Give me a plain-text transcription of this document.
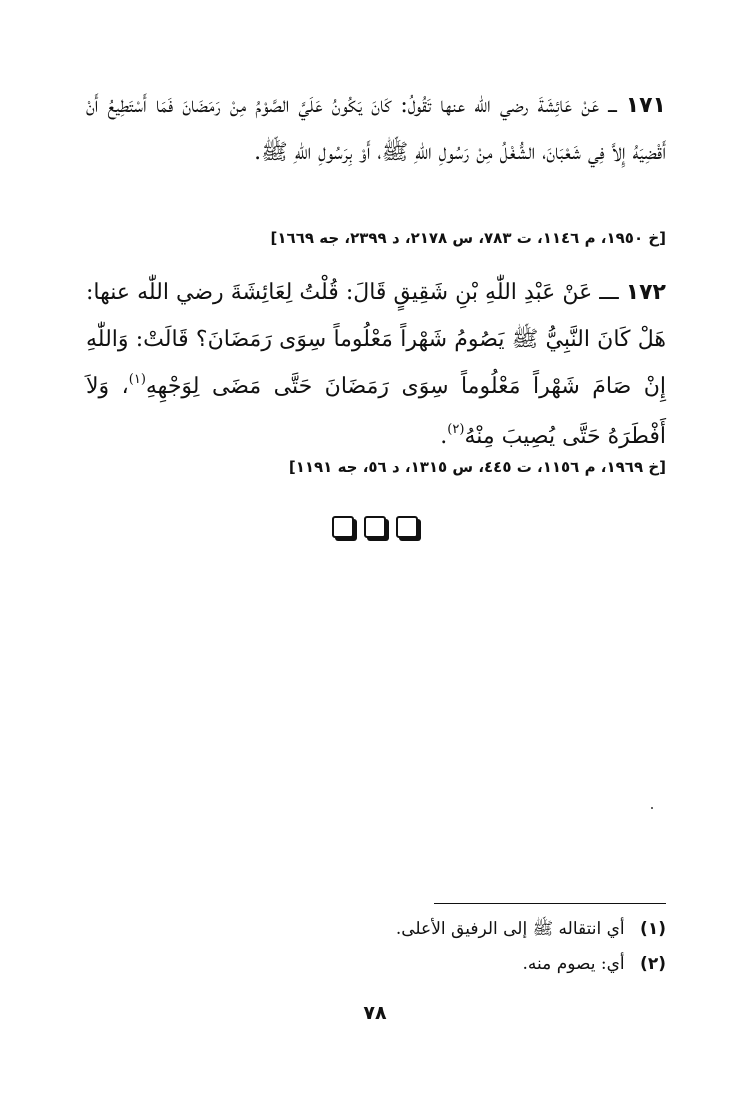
١٧١ ـــ عَنْ عَائِشَةَ رضي اللّٰه عنها تَقُولُ: كَانَ يَكُونُ عَلَيَّ الصَّوْمُ مِنْ رَمَضَانَ فَمَا أَسْتَطِيعُ أَنْ أَقْضِيَهُ إِلاَّ فِي شَعْبَانَ، الشُّغْلُ مِنْ رَسُولِ اللّٰهِ ﷺ، أَوْ بِرَسُولِ اللّٰهِ ﷺ.

[خ ١٩٥٠، م ١١٤٦، ت ٧٨٣، س ٢١٧٨، د ٢٣٩٩، جه ١٦٦٩]

١٧٢ ـــ عَنْ عَبْدِ اللّٰهِ بْنِ شَقِيقٍ قَالَ: قُلْتُ لِعَائِشَةَ رضي اللّٰه عنها: هَلْ كَانَ النَّبِيُّ ﷺ يَصُومُ شَهْراً مَعْلُوماً سِوَى رَمَضَانَ؟ قَالَتْ: وَاللّٰهِ إِنْ صَامَ شَهْراً مَعْلُوماً سِوَى رَمَضَانَ حَتَّى مَضَى لِوَجْهِهِ$^{(١)}$، وَلاَ أَفْطَرَهُ حَتَّى يُصِيبَ مِنْهُ$^{(٢)}$.

[خ ١٩٦٩، م ١١٥٦، ت ٤٤٥، س ١٣١٥، د ٥٦، جه ١١٩١]
(١) أي انتقاله ﷺ إلى الرفيق الأعلى.
(٢) أي: يصوم منه.
٧٨
